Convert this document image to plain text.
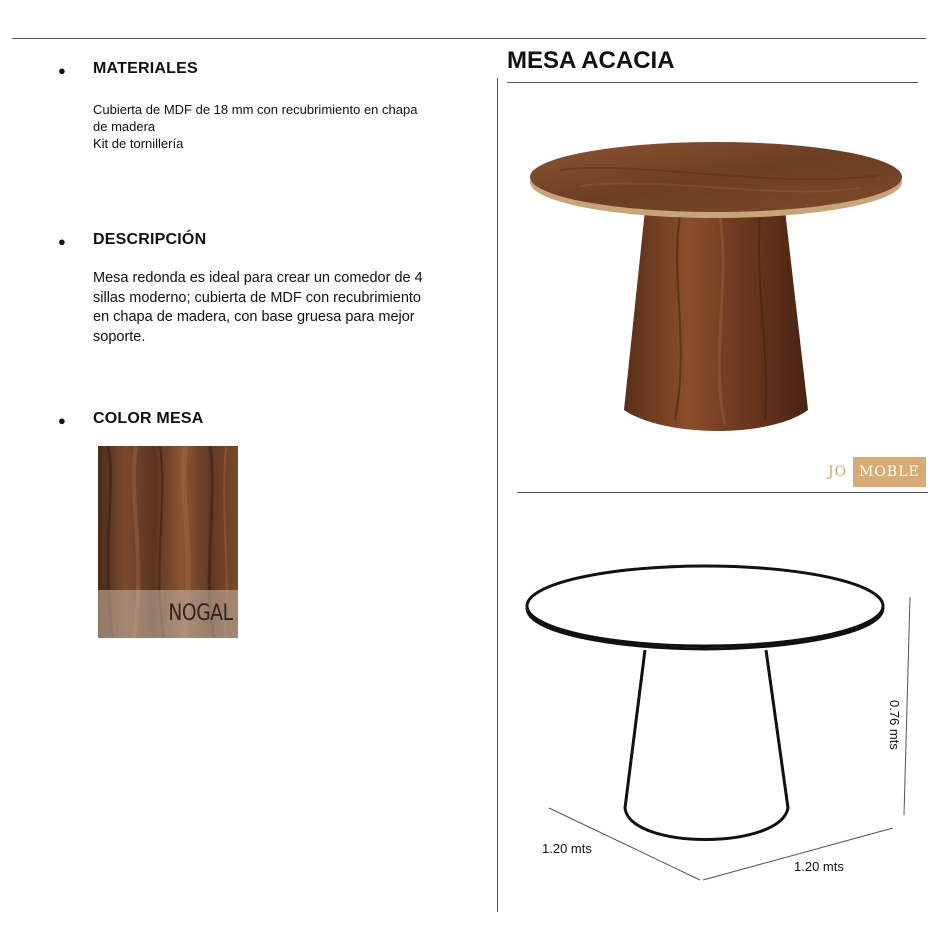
● MATERIALES
Cubierta de MDF de 18 mm con recubrimiento en chapa
de madera
Kit de tornillería
● DESCRIPCIÓN
Mesa redonda es ideal para crear un comedor de 4
sillas moderno; cubierta de MDF con recubrimiento
en chapa de madera, con base gruesa para mejor
soporte.
● COLOR MESA
NOGAL
MESA ACACIA
JO MOBLE
0.76 mts
1.20 mts
1.20 mts
